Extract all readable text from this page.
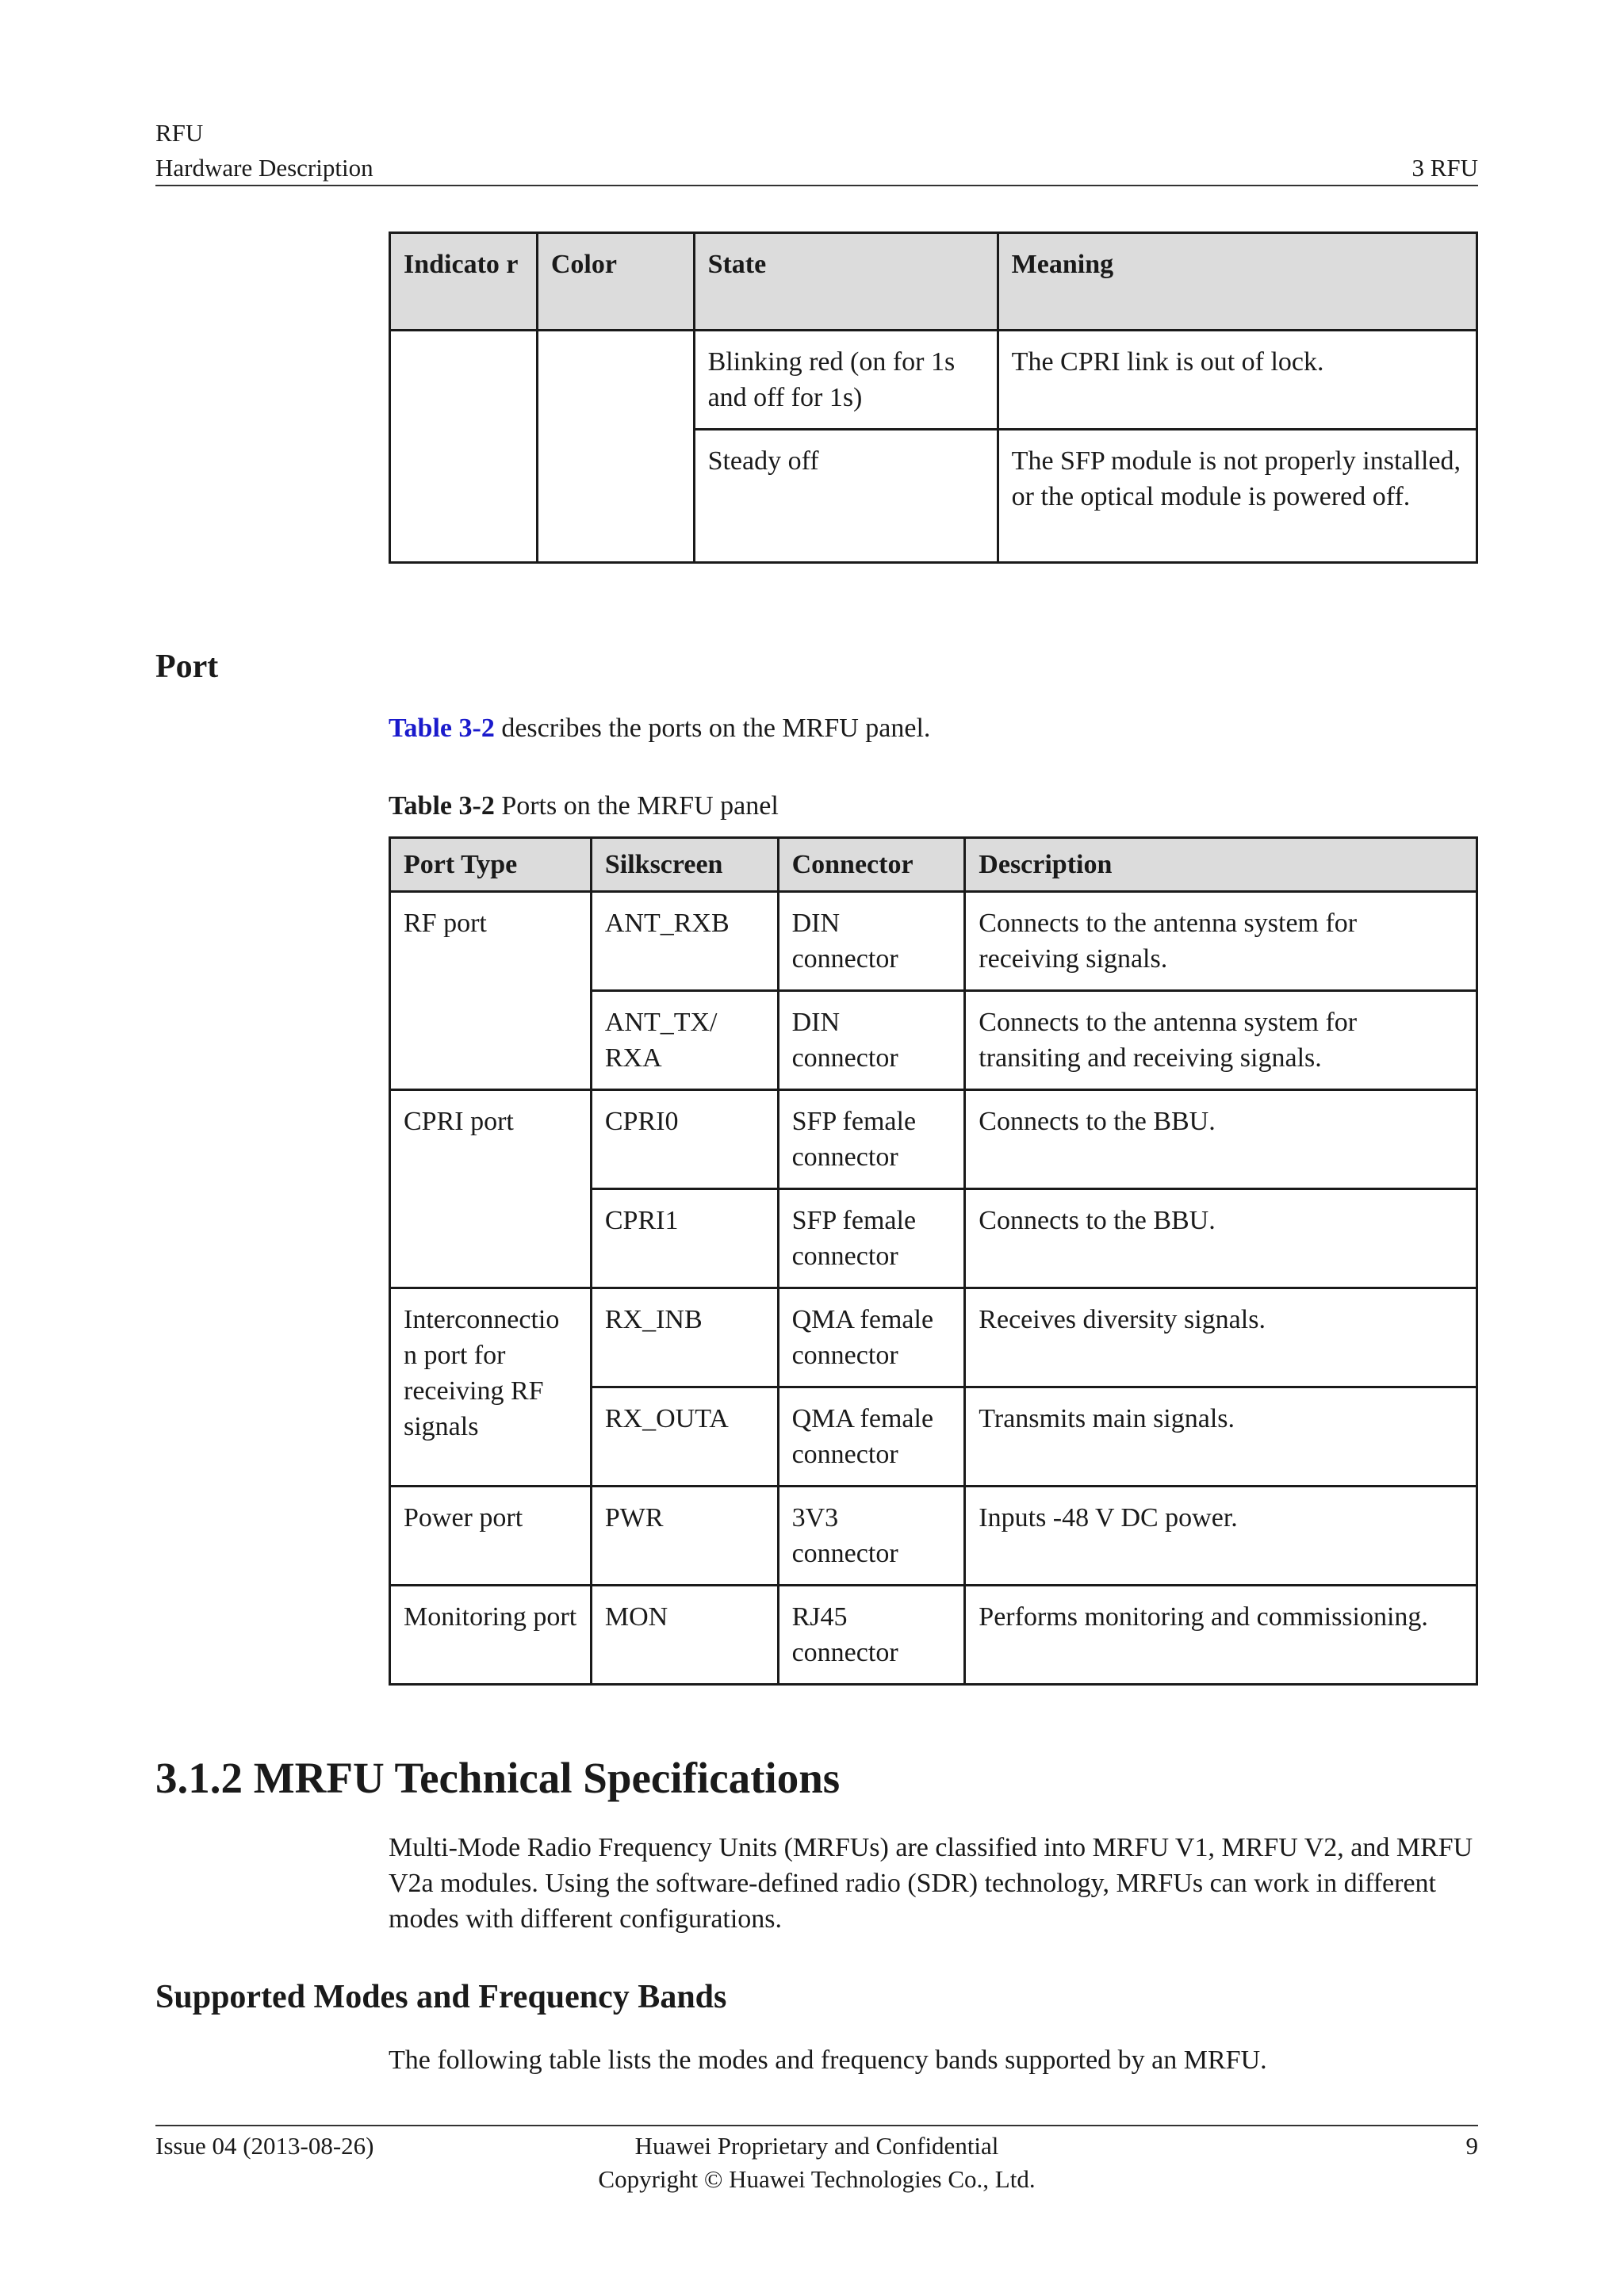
RFU
Hardware Description	3 RFU
Indicato r	Color	State	Meaning
		Blinking red (on for 1s and off for 1s)	The CPRI link is out of lock.
		Steady off	The SFP module is not properly installed, or the optical module is powered off.
Port
Table 3-2 describes the ports on the MRFU panel.
Table 3-2 Ports on the MRFU panel
Port Type	Silkscreen	Connector	Description
RF port	ANT_RXB	DIN connector	Connects to the antenna system for receiving signals.
	ANT_TX/ RXA	DIN connector	Connects to the antenna system for transiting and receiving signals.
CPRI port	CPRI0	SFP female connector	Connects to the BBU.
	CPRI1	SFP female connector	Connects to the BBU.
Interconnectio n port for receiving RF signals	RX_INB	QMA female connector	Receives diversity signals.
	RX_OUTA	QMA female connector	Transmits main signals.
Power port	PWR	3V3 connector	Inputs -48 V DC power.
Monitoring port	MON	RJ45 connector	Performs monitoring and commissioning.
3.1.2 MRFU Technical Specifications
Multi-Mode Radio Frequency Units (MRFUs) are classified into MRFU V1, MRFU V2, and MRFU V2a modules. Using the software-defined radio (SDR) technology, MRFUs can work in different modes with different configurations.
Supported Modes and Frequency Bands
The following table lists the modes and frequency bands supported by an MRFU.
Issue 04 (2013-08-26)	Huawei Proprietary and Confidential
Copyright © Huawei Technologies Co., Ltd.
9
